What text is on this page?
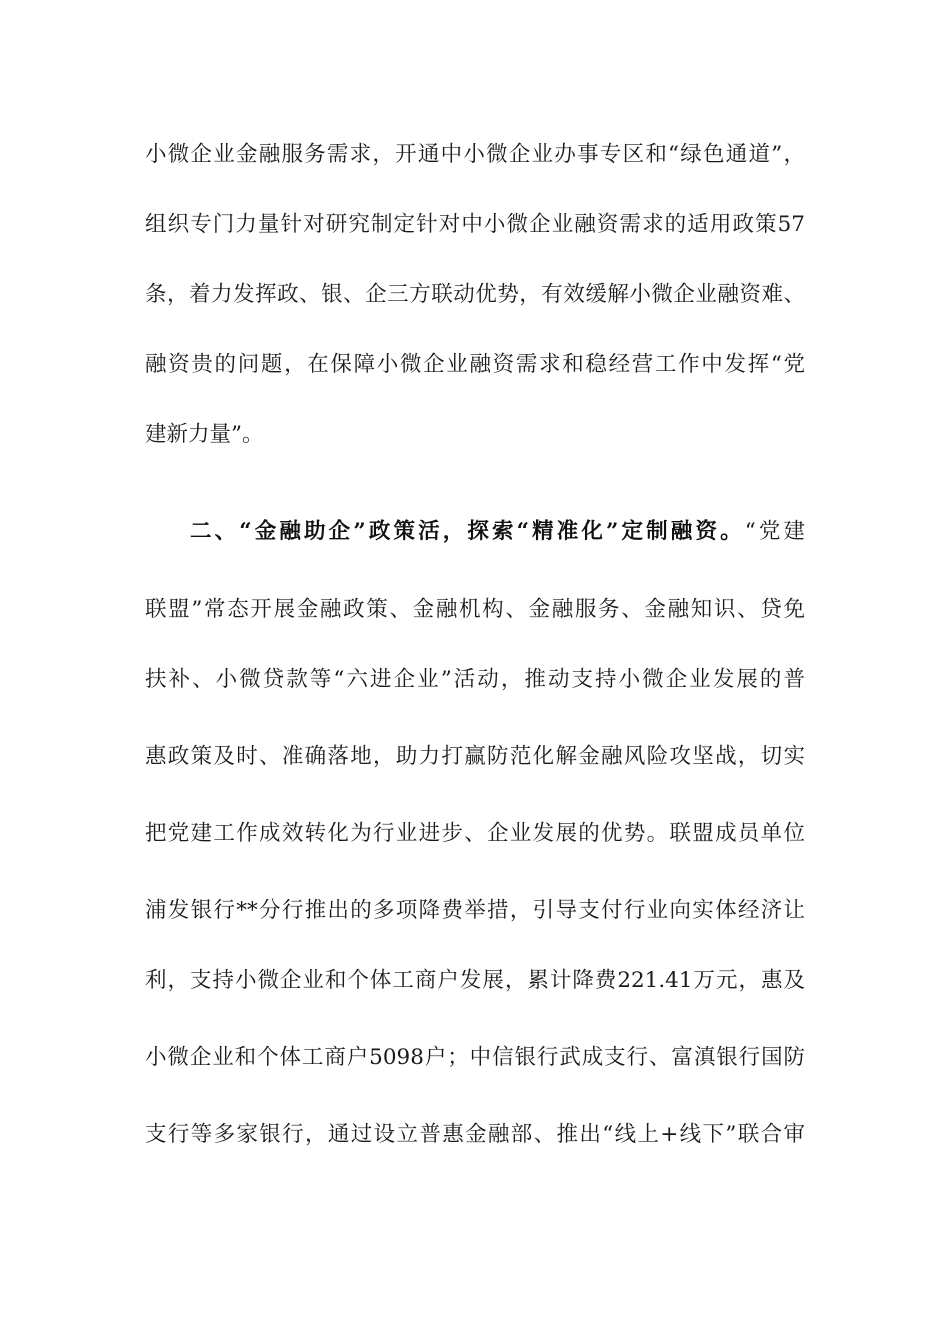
小微企业金融服务需求，开通中小微企业办事专区和“绿色通道”，
组织专门力量针对研究制定针对中小微企业融资需求的适用政策57
条，着力发挥政、银、企三方联动优势，有效缓解小微企业融资难、
融资贵的问题，在保障小微企业融资需求和稳经营工作中发挥“党
建新力量”。
二、“金融助企”政策活，探索“精准化”定制融资。“党建
联盟”常态开展金融政策、金融机构、金融服务、金融知识、贷免
扶补、小微贷款等“六进企业”活动，推动支持小微企业发展的普
惠政策及时、准确落地，助力打赢防范化解金融风险攻坚战，切实
把党建工作成效转化为行业进步、企业发展的优势。联盟成员单位
浦发银行**分行推出的多项降费举措，引导支付行业向实体经济让
利，支持小微企业和个体工商户发展，累计降费221.41万元，惠及
小微企业和个体工商户5098户；中信银行武成支行、富滇银行国防
支行等多家银行，通过设立普惠金融部、推出“线上+线下”联合审
